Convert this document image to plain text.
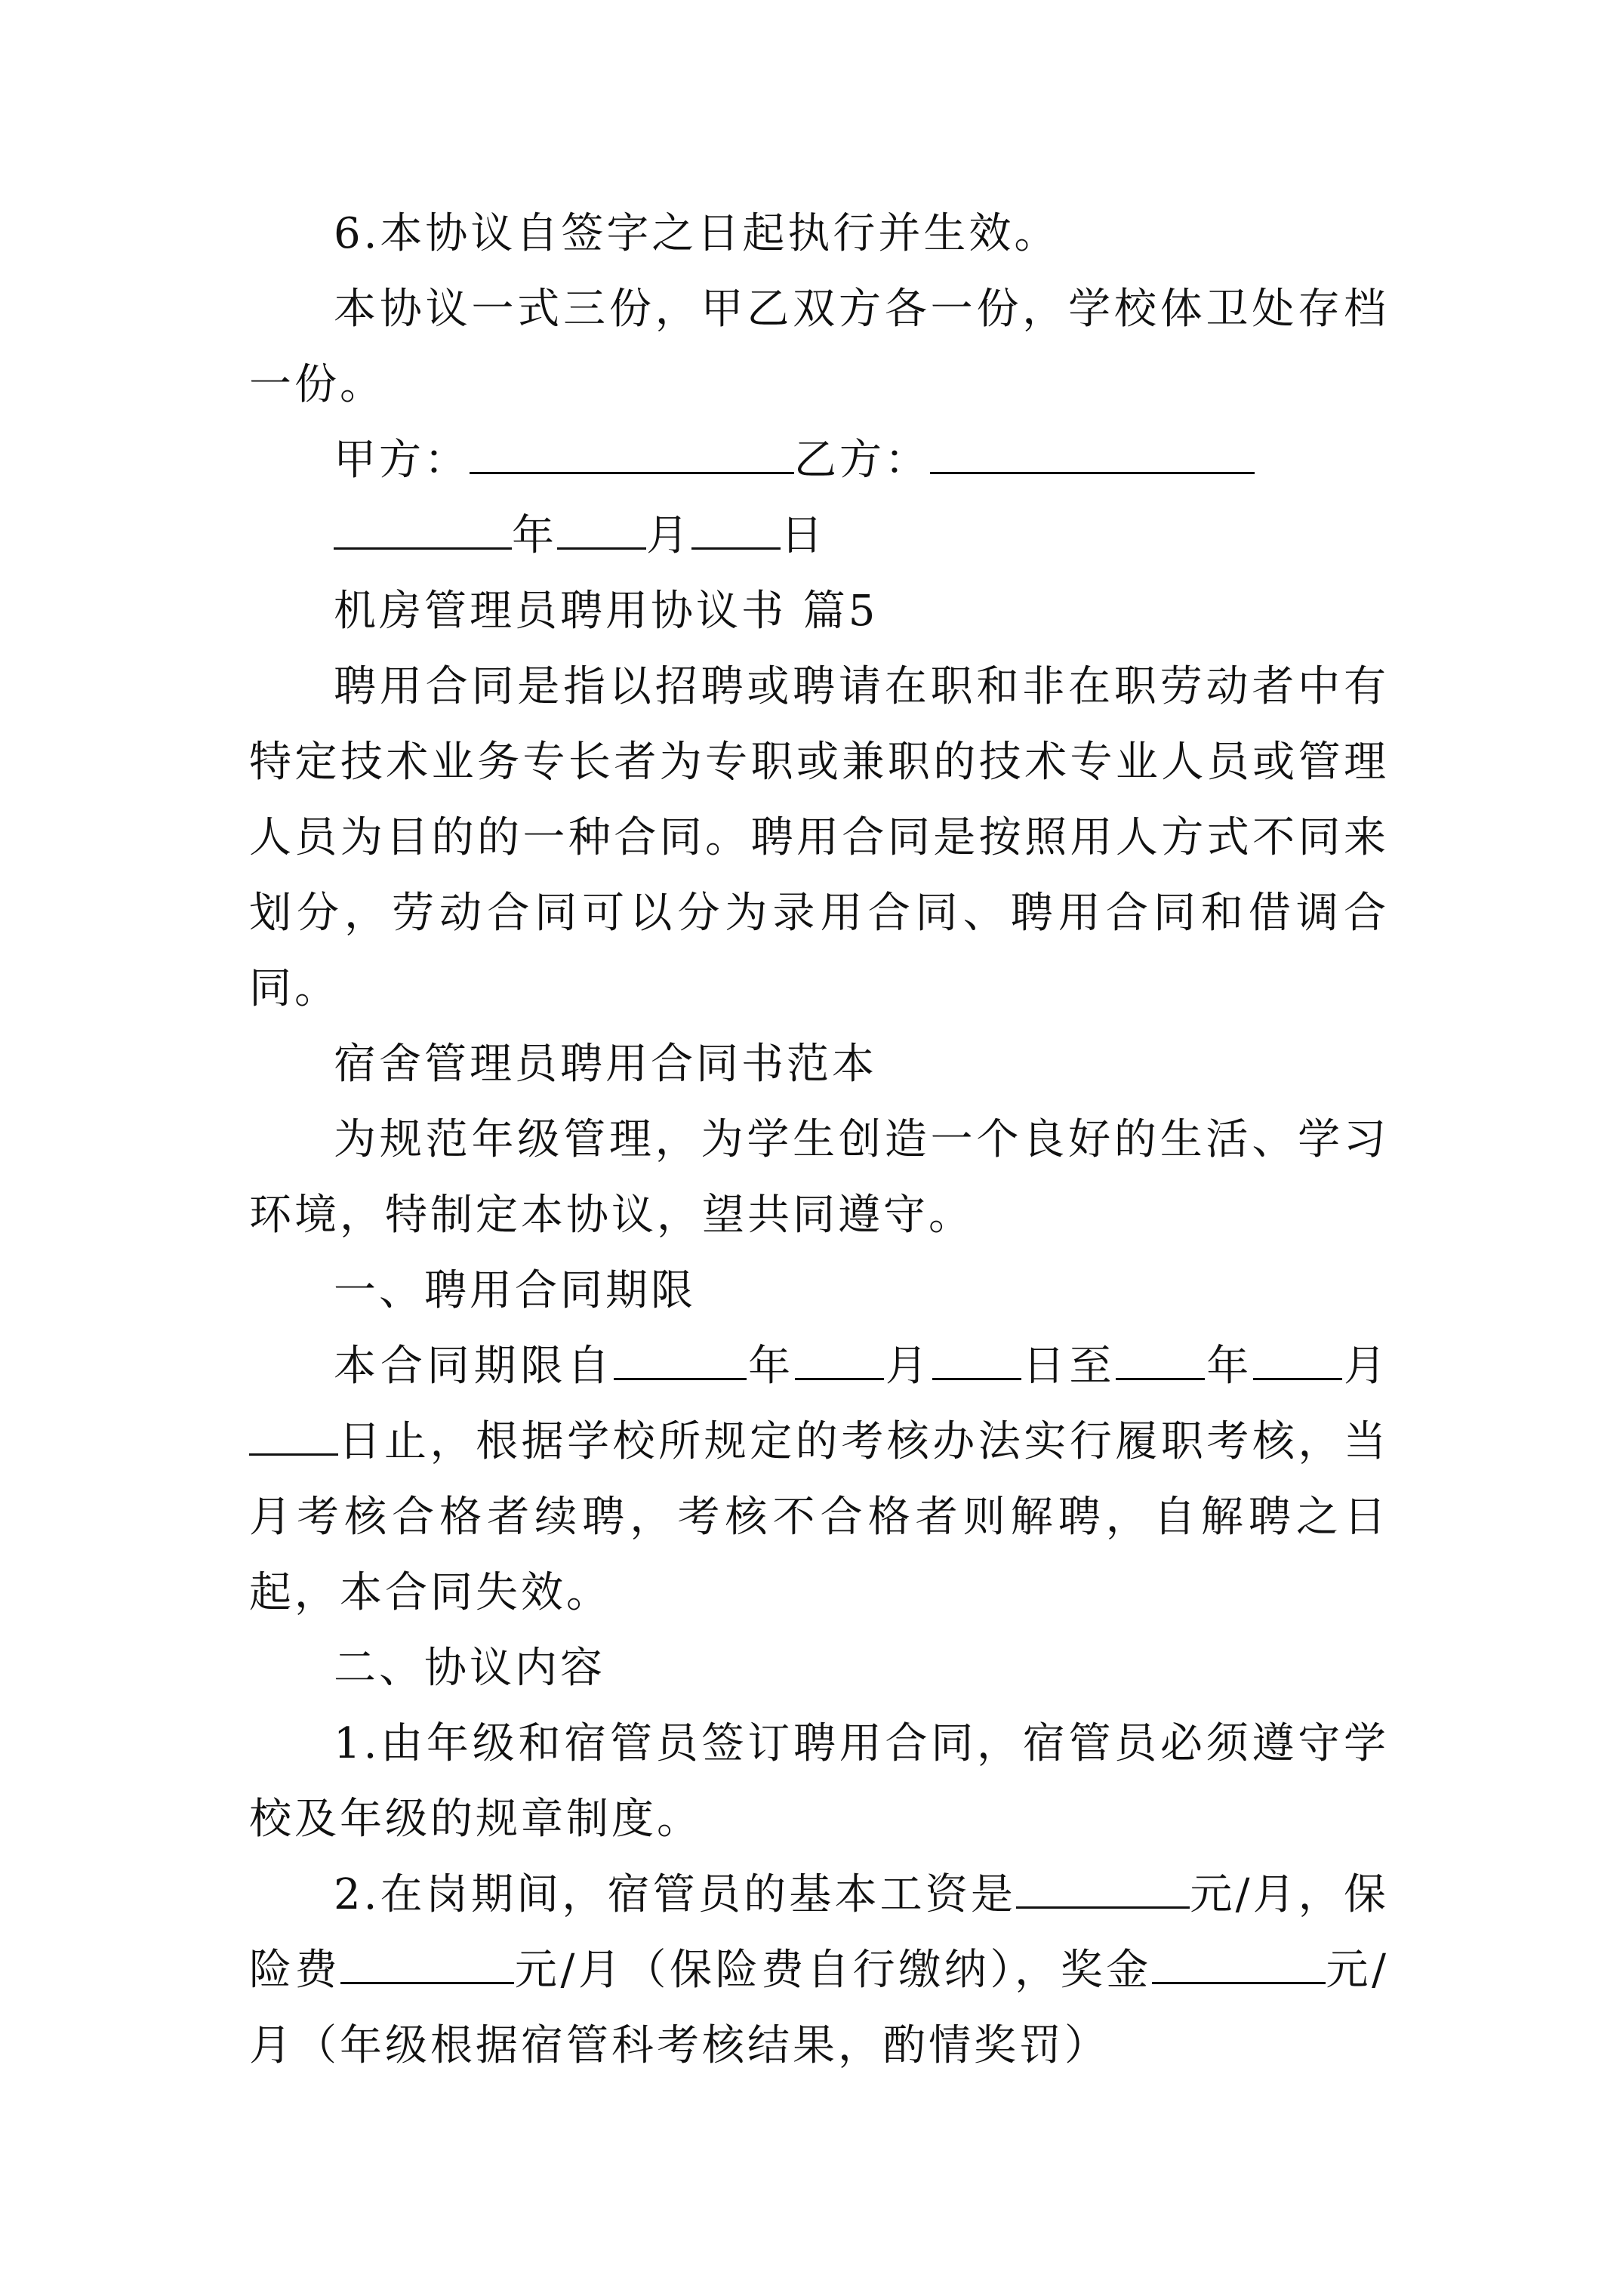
6.本协议自签字之日起执行并生效。

本协议一式三份，甲乙双方各一份，学校体卫处存档一份。

甲方：	乙方：

年 月 日

机房管理员聘用协议书 篇5

聘用合同是指以招聘或聘请在职和非在职劳动者中有特定技术业务专长者为专职或兼职的技术专业人员或管理人员为目的的一种合同。聘用合同是按照用人方式不同来划分，劳动合同可以分为录用合同、聘用合同和借调合同。

宿舍管理员聘用合同书范本

为规范年级管理，为学生创造一个良好的生活、学习环境，特制定本协议，望共同遵守。

一、聘用合同期限

本合同期限自	年 月 日至 年 月日止，根据学校所规定的考核办法实行履职考核，当月考核合格者续聘，考核不合格者则解聘，自解聘之日起，本合同失效。

二、协议内容

1.由年级和宿管员签订聘用合同，宿管员必须遵守学校及年级的规章制度。

2.在岗期间，宿管员的基本工资是	元/月，保险费	元/月（保险费自行缴纳），奖金	元/月（年级根据宿管科考核结果，酌情奖罚）
